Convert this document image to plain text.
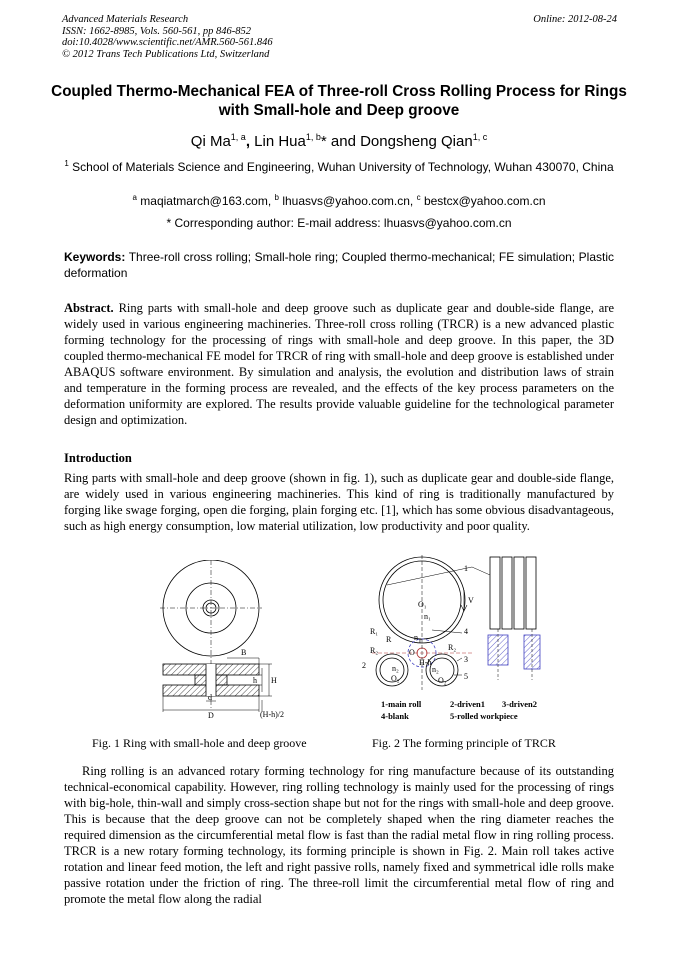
Advanced Materials Research
ISSN: 1662-8985, Vols. 560-561, pp 846-852
doi:10.4028/www.scientific.net/AMR.560-561.846
© 2012 Trans Tech Publications Ltd, Switzerland
Online: 2012-08-24
Coupled Thermo-Mechanical FEA of Three-roll Cross Rolling Process for Rings with Small-hole and Deep groove
Qi Ma$^{1, a}$, Lin Hua$^{1, b}$* and Dongsheng Qian$^{1, c}$
$^1$ School of Materials Science and Engineering, Wuhan University of Technology, Wuhan 430070, China
$^a$ maqiatmarch@163.com, $^b$ lhuasvs@yahoo.com.cn, $^c$ bestcx@yahoo.com.cn
* Corresponding author: E-mail address: lhuasvs@yahoo.com.cn
Keywords: Three-roll cross rolling; Small-hole ring; Coupled thermo-mechanical; FE simulation; Plastic deformation
Abstract. Ring parts with small-hole and deep groove such as duplicate gear and double-side flange, are widely used in various engineering machineries. Three-roll cross rolling (TRCR) is a new advanced plastic forming technology for the processing of rings with small-hole and deep groove. In this paper, the 3D coupled thermo-mechanical FE model for TRCR of ring with small-hole and deep groove is established under ABAQUS software environment. By simulation and analysis, the evolution and distribution laws of strain and temperature in the forming process are revealed, and the effects of the key process parameters on the deformation uniformity are explored. The results provide valuable guideline for the technological parameter design and optimization.
Introduction
Ring parts with small-hole and deep groove (shown in fig. 1), such as duplicate gear and double-side flange, are widely used in various engineering machineries. This kind of ring is traditionally manufactured by forging like swage forging, open die forging, plain forging etc. [1], which has some obvious disadvantageous, such as high energy consumption, low material utilization, low productivity and poor quality.
B
h H
d
D	(H-h)/2
O₁
n₁
V
R₁
R	r
n
O
H-h
R₂	R₂
n₂	n₂
O₂	O₂
1
2
3
4
5
1-main roll	2-driven1 3-driven2
4-blank	5-rolled workpiece
Fig. 1 Ring with small-hole and deep groove	Fig. 2 The forming principle of TRCR
Ring rolling is an advanced rotary forming technology for ring manufacture because of its outstanding technical-economical capability. However, ring rolling technology is mainly used for the processing of rings with big-hole, thin-wall and simply cross-section shape but not for the rings with small-hole and deep groove. This is because that the deep groove can not be completely shaped when the ring diameter reaches the required dimension as the circumferential metal flow is fast than the radial metal flow in ring rolling process. TRCR is a new rotary forming technology, its forming principle is shown in Fig. 2. Main roll takes active rotation and linear feed motion, the left and right passive rolls, namely fixed and symmetrical idle rolls make passive rotation under the friction of ring. The three-roll limit the circumferential metal flow of ring and promote the metal flow along the radial
